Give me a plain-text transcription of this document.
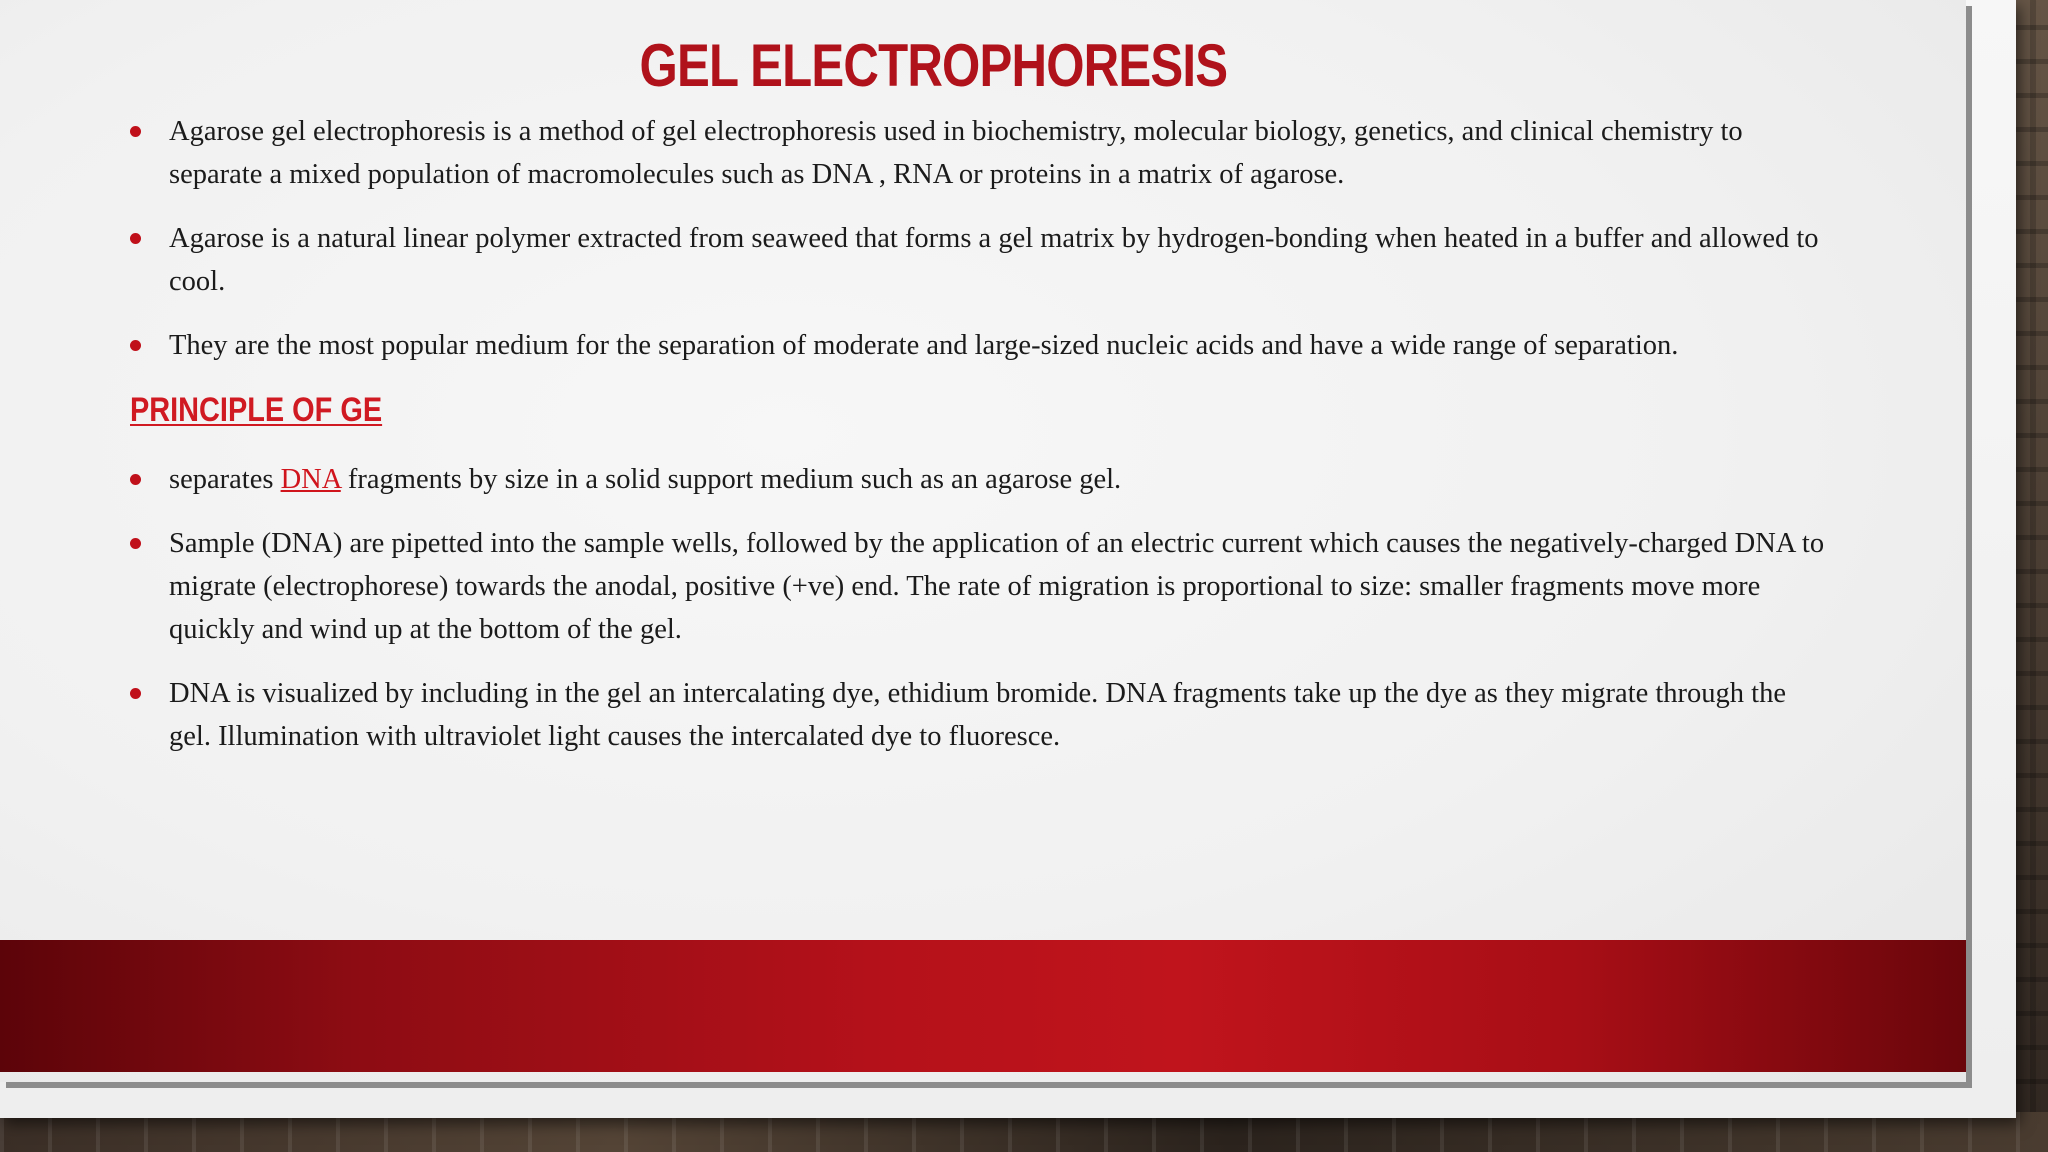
GEL ELECTROPHORESIS
Agarose gel electrophoresis is a method of gel electrophoresis used in biochemistry, molecular biology, genetics, and clinical chemistry to separate a mixed population of macromolecules such as DNA , RNA or proteins in a matrix of agarose.
Agarose is a natural linear polymer extracted from seaweed that forms a gel matrix by hydrogen-bonding when heated in a buffer and allowed to cool.
They are the most popular medium for the separation of moderate and large-sized nucleic acids and have a wide range of separation.
PRINCIPLE OF GE
separates DNA fragments by size in a solid support medium such as an agarose gel.
Sample (DNA) are pipetted into the sample wells, followed by the application of an electric current which causes the negatively-charged DNA to migrate (electrophorese) towards the anodal, positive (+ve) end. The rate of migration is proportional to size: smaller fragments move more quickly and wind up at the bottom of the gel.
DNA is visualized by including in the gel an intercalating dye, ethidium bromide. DNA fragments take up the dye as they migrate through the gel. Illumination with ultraviolet light causes the intercalated dye to fluoresce.
